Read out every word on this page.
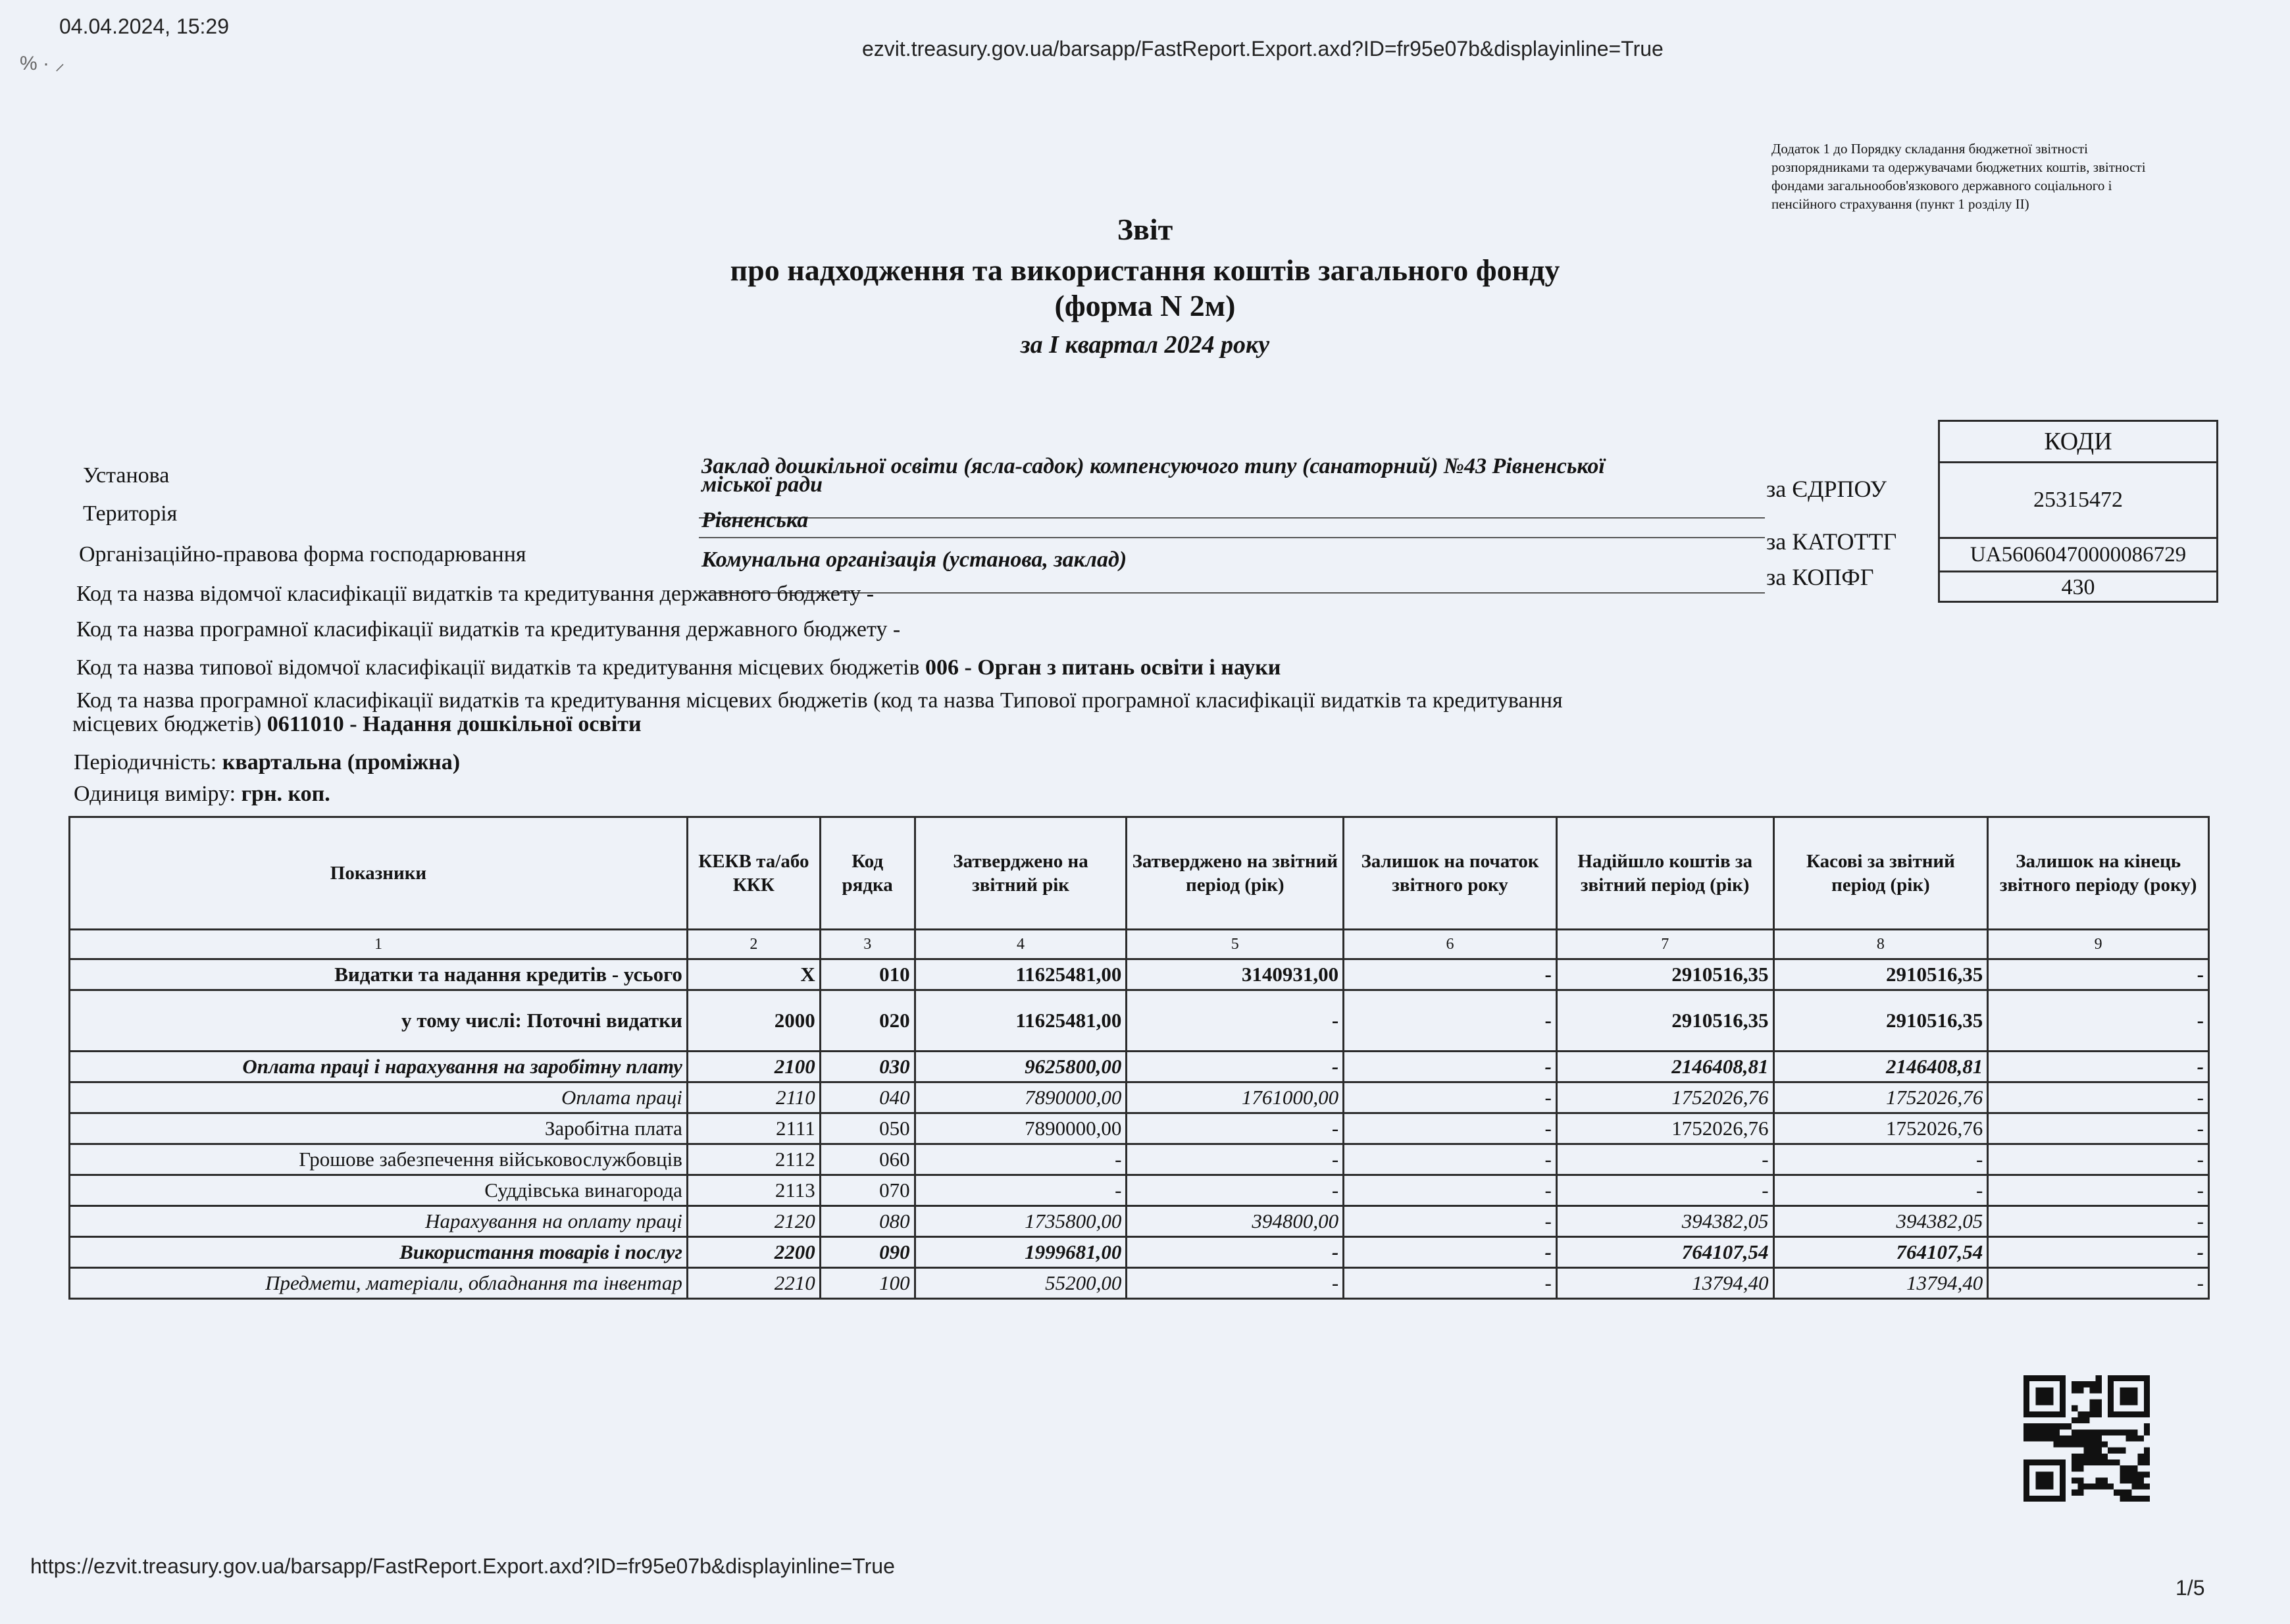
04.04.2024, 15:29
ezvit.treasury.gov.ua/barsapp/FastReport.Export.axd?ID=fr95e07b&displayinline=True
% · ⸝
Додаток 1 до Порядку складання бюджетної звітності
розпорядниками та одержувачами бюджетних коштів, звітності
фондами загальнообов'язкового державного соціального і
пенсійного страхування (пункт 1 розділу ІІ)
Звіт
про надходження та використання коштів загального фонду
(форма N 2м)
за І квартал 2024 року
КОДИ
25315472
UA56060470000086729
430
за ЄДРПОУ
за КАТОТТГ
за КОПФГ
Установа	Заклад дошкільної освіти (ясла-садок) компенсуючого типу (санаторний) №43 Рівненської
міської ради
Територія	Рівненська
Організаційно-правова форма господарювання	Комунальна організація (установа, заклад)
Код та назва відомчої класифікації видатків та кредитування державного бюджету -
Код та назва програмної класифікації видатків та кредитування державного бюджету -
Код та назва типової відомчої класифікації видатків та кредитування місцевих бюджетів 006 - Орган з питань освіти і науки
Код та назва програмної класифікації видатків та кредитування місцевих бюджетів (код та назва Типової програмної класифікації видатків та кредитування
місцевих бюджетів) 0611010 - Надання дошкільної освіти
Періодичність: квартальна (проміжна)
Одиниця виміру: грн. коп.
Показники	КЕКВ та/або ККК	Код рядка	Затверджено на звітний рік	Затверджено на звітний період (рік)	Залишок на початок звітного року	Надійшло коштів за звітний період (рік)	Касові за звітний період (рік)	Залишок на кінець звітного періоду (року)
1	2	3	4	5	6	7	8	9
Видатки та надання кредитів - усього	Х	010	11625481,00	3140931,00	-	2910516,35	2910516,35	-
у тому числі: Поточні видатки	2000	020	11625481,00	-	-	2910516,35	2910516,35	-
Оплата праці і нарахування на заробітну плату	2100	030	9625800,00	-	-	2146408,81	2146408,81	-
Оплата праці	2110	040	7890000,00	1761000,00	-	1752026,76	1752026,76	-
Заробітна плата	2111	050	7890000,00	-	-	1752026,76	1752026,76	-
Грошове забезпечення військовослужбовців	2112	060	-	-	-	-	-	-
Суддівська винагорода	2113	070	-	-	-	-	-	-
Нарахування на оплату праці	2120	080	1735800,00	394800,00	-	394382,05	394382,05	-
Використання товарів і послуг	2200	090	1999681,00	-	-	764107,54	764107,54	-
Предмети, матеріали, обладнання та інвентар	2210	100	55200,00	-	-	13794,40	13794,40	-
https://ezvit.treasury.gov.ua/barsapp/FastReport.Export.axd?ID=fr95e07b&displayinline=True
1/5
